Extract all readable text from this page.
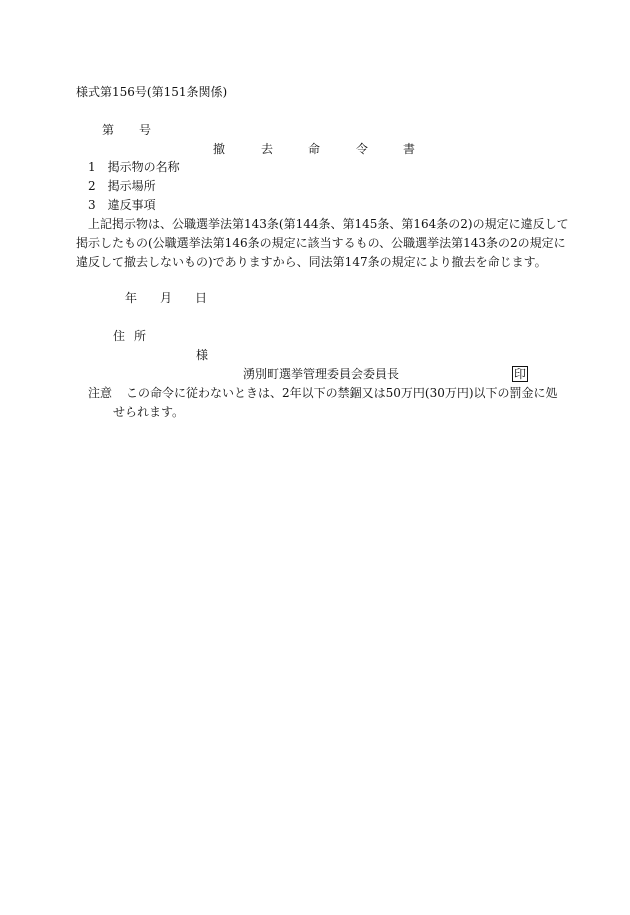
様式第156号(第151条関係)
第 号
撤	去	命	令	書
1 掲示物の名称
2 掲示場所
3 違反事項
上記掲示物は、公職選挙法第143条(第144条、第145条、第164条の2)の規定に違反して
掲示したもの(公職選挙法第146条の規定に該当するもの、公職選挙法第143条の2の規定に
違反して撤去しないもの)でありますから、同法第147条の規定により撤去を命じます。
年 月 日
住 所
様
湧別町選挙管理委員会委員長	印
注意 この命令に従わないときは、2年以下の禁錮又は50万円(30万円)以下の罰金に処
せられます。
